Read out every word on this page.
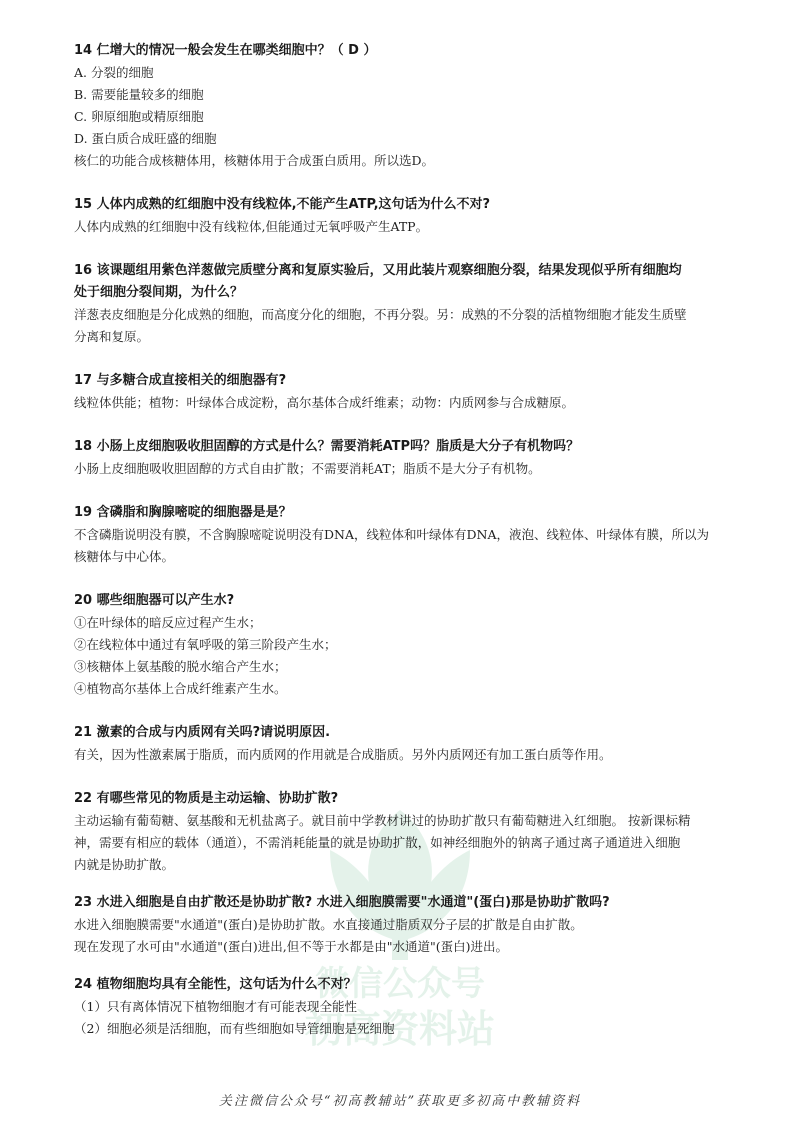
微信公众号
初高资料站

14 仁增大的情况一般会发生在哪类细胞中？（ D ）

A. 分裂的细胞

B. 需要能量较多的细胞

C. 卵原细胞或精原细胞

D. 蛋白质合成旺盛的细胞

核仁的功能合成核糖体用，核糖体用于合成蛋白质用。所以选D。

15 人体内成熟的红细胞中没有线粒体,不能产生ATP,这句话为什么不对?

人体内成熟的红细胞中没有线粒体,但能通过无氧呼吸产生ATP。

16 该课题组用紫色洋葱做完质壁分离和复原实验后，又用此装片观察细胞分裂，结果发现似乎所有细胞均

处于细胞分裂间期，为什么？

洋葱表皮细胞是分化成熟的细胞，而高度分化的细胞，不再分裂。另：成熟的不分裂的活植物细胞才能发生质壁

分离和复原。

17 与多糖合成直接相关的细胞器有?

线粒体供能；植物：叶绿体合成淀粉，高尔基体合成纤维素；动物：内质网参与合成糖原。

18 小肠上皮细胞吸收胆固醇的方式是什么？需要消耗ATP吗？脂质是大分子有机物吗？

小肠上皮细胞吸收胆固醇的方式自由扩散；不需要消耗AT；脂质不是大分子有机物。

19 含磷脂和胸腺嘧啶的细胞器是是？

不含磷脂说明没有膜，不含胸腺嘧啶说明没有DNA，线粒体和叶绿体有DNA，液泡、线粒体、叶绿体有膜，所以为

核糖体与中心体。

20 哪些细胞器可以产生水?

①在叶绿体的暗反应过程产生水；

②在线粒体中通过有氧呼吸的第三阶段产生水；

③核糖体上氨基酸的脱水缩合产生水；

④植物高尔基体上合成纤维素产生水。

21 激素的合成与内质网有关吗?请说明原因.

有关，因为性激素属于脂质，而内质网的作用就是合成脂质。另外内质网还有加工蛋白质等作用。

22 有哪些常见的物质是主动运输、协助扩散?

主动运输有葡萄糖、氨基酸和无机盐离子。就目前中学教材讲过的协助扩散只有葡萄糖进入红细胞。 按新课标精

神，需要有相应的载体（通道），不需消耗能量的就是协助扩散，如神经细胞外的钠离子通过离子通道进入细胞

内就是协助扩散。

23 水进入细胞是自由扩散还是协助扩散? 水进入细胞膜需要"水通道"(蛋白)那是协助扩散吗?

水进入细胞膜需要"水通道"(蛋白)是协助扩散。水直接通过脂质双分子层的扩散是自由扩散。

现在发现了水可由"水通道"(蛋白)进出,但不等于水都是由"水通道"(蛋白)进出。

24 植物细胞均具有全能性，这句话为什么不对？

（1）只有离体情况下植物细胞才有可能表现全能性

（2）细胞必须是活细胞，而有些细胞如导管细胞是死细胞

关注微信公众号“初高教辅站”获取更多初高中教辅资料
